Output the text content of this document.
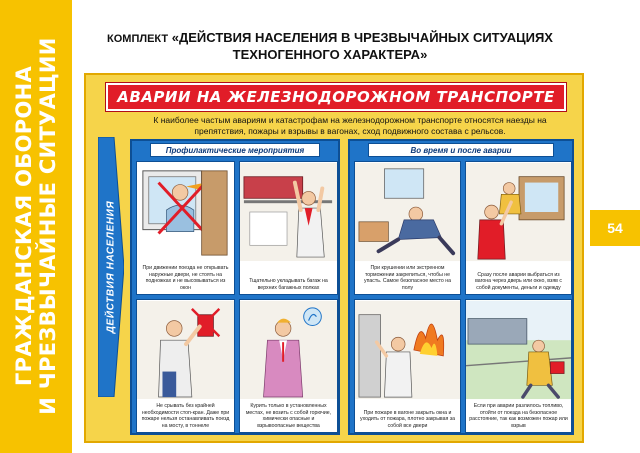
ГРАЖДАНСКАЯ ОБОРОНА И ЧРЕЗВЫЧАЙНЫЕ СИТУАЦИИ	54
КОМПЛЕКТ «ДЕЙСТВИЯ НАСЕЛЕНИЯ В ЧРЕЗВЫЧАЙНЫХ СИТУАЦИЯХ
ТЕХНОГЕННОГО ХАРАКТЕРА»
АВАРИИ НА ЖЕЛЕЗНОДОРОЖНОМ ТРАНСПОРТЕ
К наиболее частым авариям и катастрофам на железнодорожном транспорте относятся наезды на препятствия, пожары и взрывы в вагонах, сход подвижного состава с рельсов.
ДЕЙСТВИЯ НАСЕЛЕНИЯ
Профилактические мероприятия
При движении поезда не открывать наружные двери, не стоять на подножках и не высовываться из окон
Тщательно укладывать багаж на верхних багажных полках
Не срывать без крайней необходимости стоп-кран. Даже при пожаре нельзя останавливать поезд на мосту, в тоннеле
Курить только в установленных местах, не возить с собой горючие, химически опасные и взрывоопасные вещества
Во время и после аварии
При крушении или экстренном торможении закрепиться, чтобы не упасть. Самое безопасное место на полу
Сразу после аварии выбраться из вагона через дверь или окно, взяв с собой документы, деньги и одежду
При пожаре в вагоне закрыть окна и уходить от пожара, плотно закрывая за собой все двери
Если при аварии разлилось топливо, отойти от поезда на безопасное расстояние, так как возможен пожар или взрыв
